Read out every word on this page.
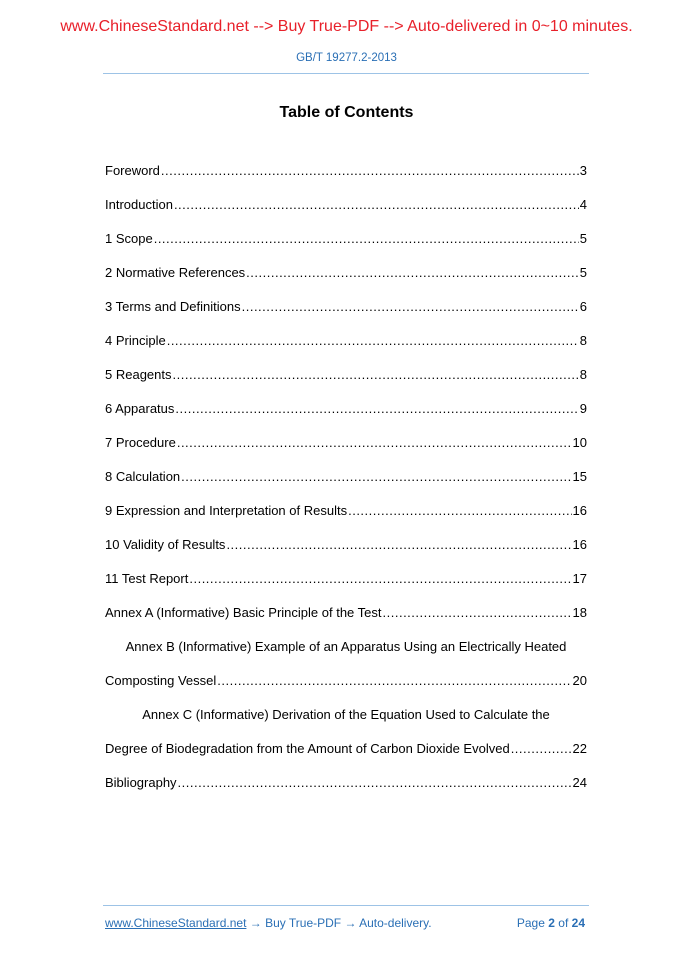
www.ChineseStandard.net --> Buy True-PDF --> Auto-delivered in 0~10 minutes.
GB/T 19277.2-2013
Table of Contents
Foreword .....	3
Introduction .....	4
1 Scope .....	5
2 Normative References .....	5
3 Terms and Definitions .....	6
4 Principle .....	8
5 Reagents .....	8
6 Apparatus .....	9
7 Procedure .....	10
8 Calculation .....	15
9 Expression and Interpretation of Results .....	16
10 Validity of Results .....	16
11 Test Report .....	17
Annex A (Informative) Basic Principle of the Test .....	18
Annex B (Informative) Example of an Apparatus Using an Electrically Heated
Composting Vessel .....	20
Annex C (Informative) Derivation of the Equation Used to Calculate the
Degree of Biodegradation from the Amount of Carbon Dioxide Evolved .....	22
Bibliography .....	24
www.ChineseStandard.net → Buy True-PDF → Auto-delivery.	Page 2 of 24
